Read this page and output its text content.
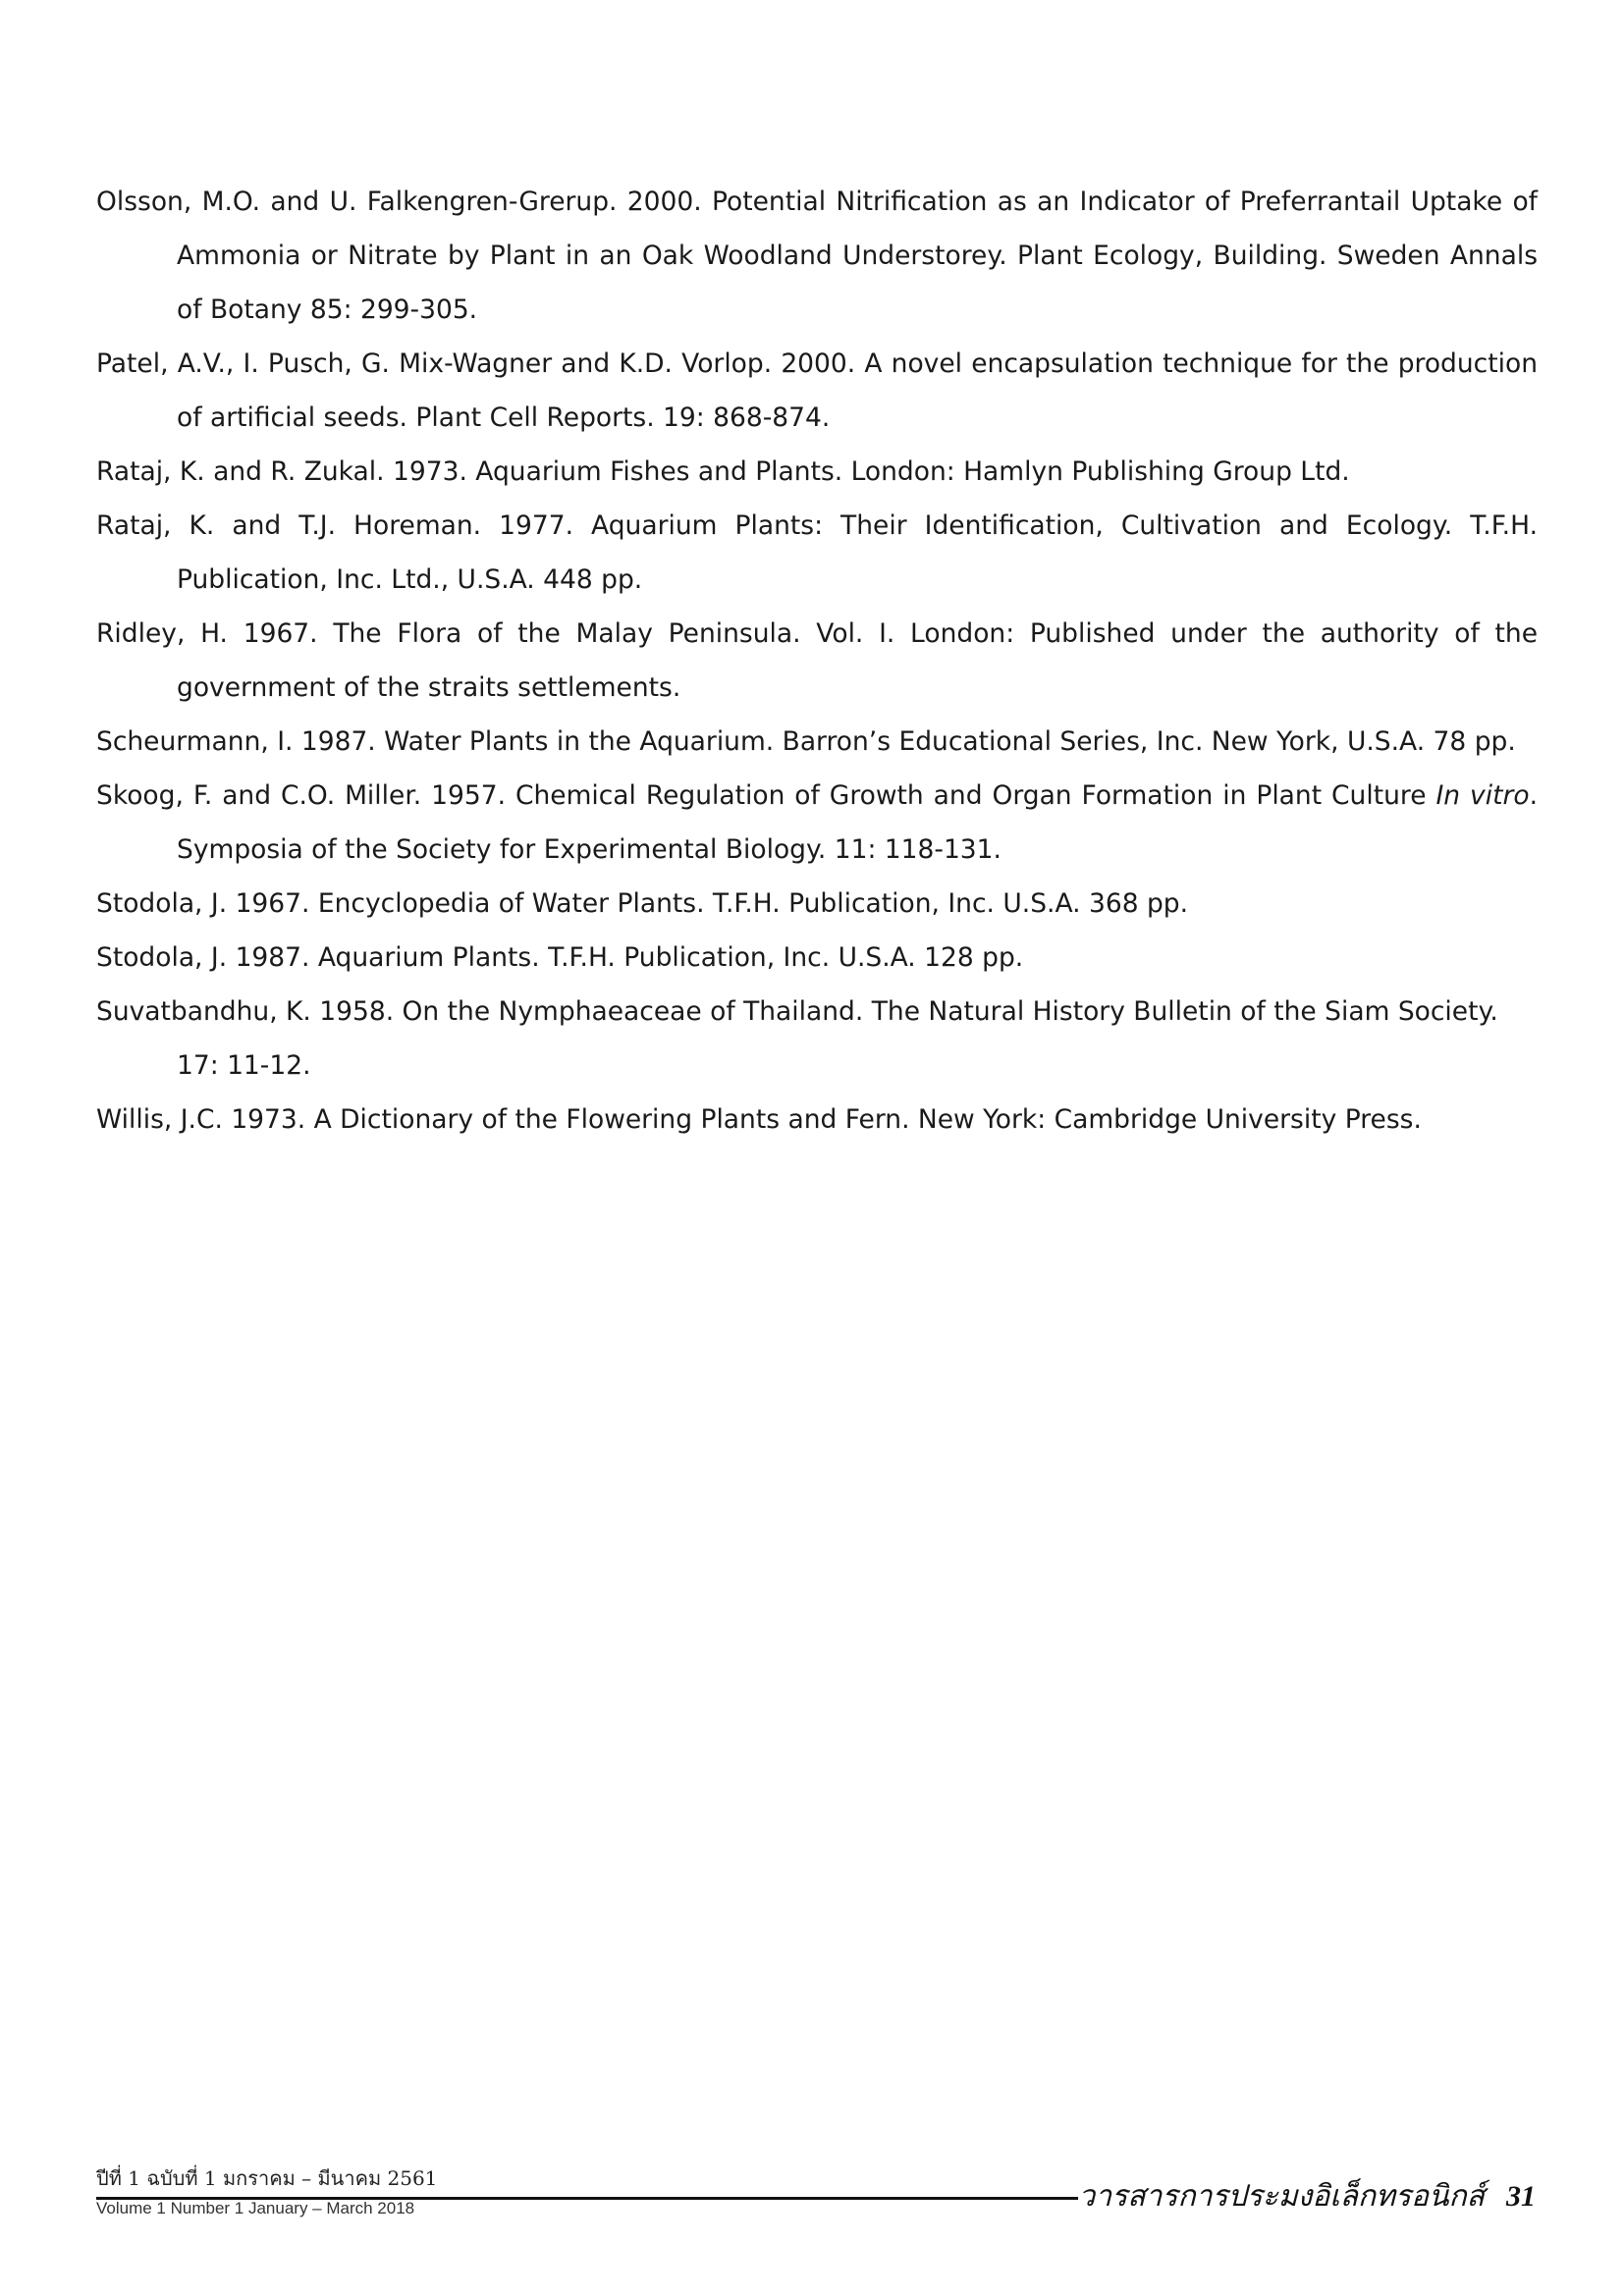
Olsson, M.O. and U. Falkengren-Grerup. 2000. Potential Nitrification as an Indicator of Preferrantail Uptake of Ammonia or Nitrate by Plant in an Oak Woodland Understorey. Plant Ecology, Building. Sweden Annals of Botany 85: 299-305.

Patel, A.V., I. Pusch, G. Mix-Wagner and K.D. Vorlop. 2000. A novel encapsulation technique for the production of artificial seeds. Plant Cell Reports. 19: 868-874.

Rataj, K. and R. Zukal. 1973. Aquarium Fishes and Plants. London: Hamlyn Publishing Group Ltd.

Rataj, K. and T.J. Horeman. 1977. Aquarium Plants: Their Identification, Cultivation and Ecology. T.F.H. Publication, Inc. Ltd., U.S.A. 448 pp.

Ridley, H. 1967. The Flora of the Malay Peninsula. Vol. I. London: Published under the authority of the government of the straits settlements.

Scheurmann, I. 1987. Water Plants in the Aquarium. Barron’s Educational Series, Inc. New York, U.S.A. 78 pp.

Skoog, F. and C.O. Miller. 1957. Chemical Regulation of Growth and Organ Formation in Plant Culture In vitro. Symposia of the Society for Experimental Biology. 11: 118-131.

Stodola, J. 1967. Encyclopedia of Water Plants. T.F.H. Publication, Inc. U.S.A. 368 pp.

Stodola, J. 1987. Aquarium Plants. T.F.H. Publication, Inc. U.S.A. 128 pp.

Suvatbandhu, K. 1958. On the Nymphaeaceae of Thailand. The Natural History Bulletin of the Siam Society. 17: 11-12.

Willis, J.C. 1973. A Dictionary of the Flowering Plants and Fern. New York: Cambridge University Press.

ปีที่ 1 ฉบับที่ 1 มกราคม – มีนาคม 2561
Volume 1 Number 1 January – March 2018	วารสารการประมงอิเล็กทรอนิกส์ 31
